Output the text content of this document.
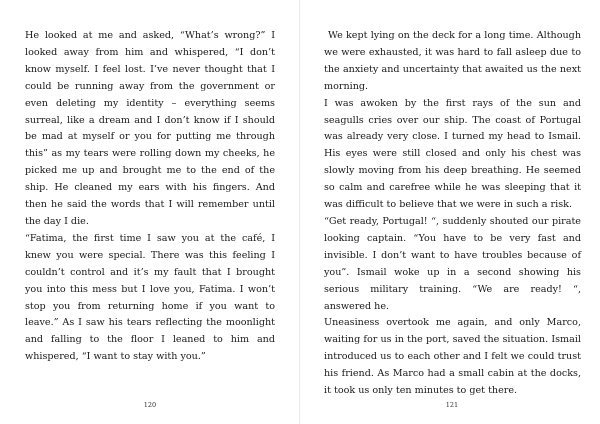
He looked at me and asked, “What’s wrong?” I looked away from him and whispered, “I don’t know myself. I feel lost. I’ve never thought that I could be running away from the government or even deleting my identity – everything seems surreal, like a dream and I don’t know if I should be mad at myself or you for putting me through this” as my tears were rolling down my cheeks, he picked me up and brought me to the end of the ship. He cleaned my ears with his fingers. And then he said the words that I will remember until the day I die.

“Fatima, the first time I saw you at the café, I knew you were special. There was this feeling I couldn’t control and it’s my fault that I brought you into this mess but I love you, Fatima. I won’t stop you from returning home if you want to leave.” As I saw his tears reflecting the moonlight and falling to the floor I leaned to him and whispered, “I want to stay with you.”

120

We kept lying on the deck for a long time. Although we were exhausted, it was hard to fall asleep due to the anxiety and uncertainty that awaited us the next morning.

I was awoken by the first rays of the sun and seagulls cries over our ship. The coast of Portugal was already very close. I turned my head to Ismail. His eyes were still closed and only his chest was slowly moving from his deep breathing. He seemed so calm and carefree while he was sleeping that it was difficult to believe that we were in such a risk.

“Get ready, Portugal! “, suddenly shouted our pirate looking captain. “You have to be very fast and invisible. I don’t want to have troubles because of you”. Ismail woke up in a second showing his serious military training. “We are ready! “, answered he.

Uneasiness overtook me again, and only Marco, waiting for us in the port, saved the situation. Ismail introduced us to each other and I felt we could trust his friend. As Marco had a small cabin at the docks, it took us only ten minutes to get there.

121
